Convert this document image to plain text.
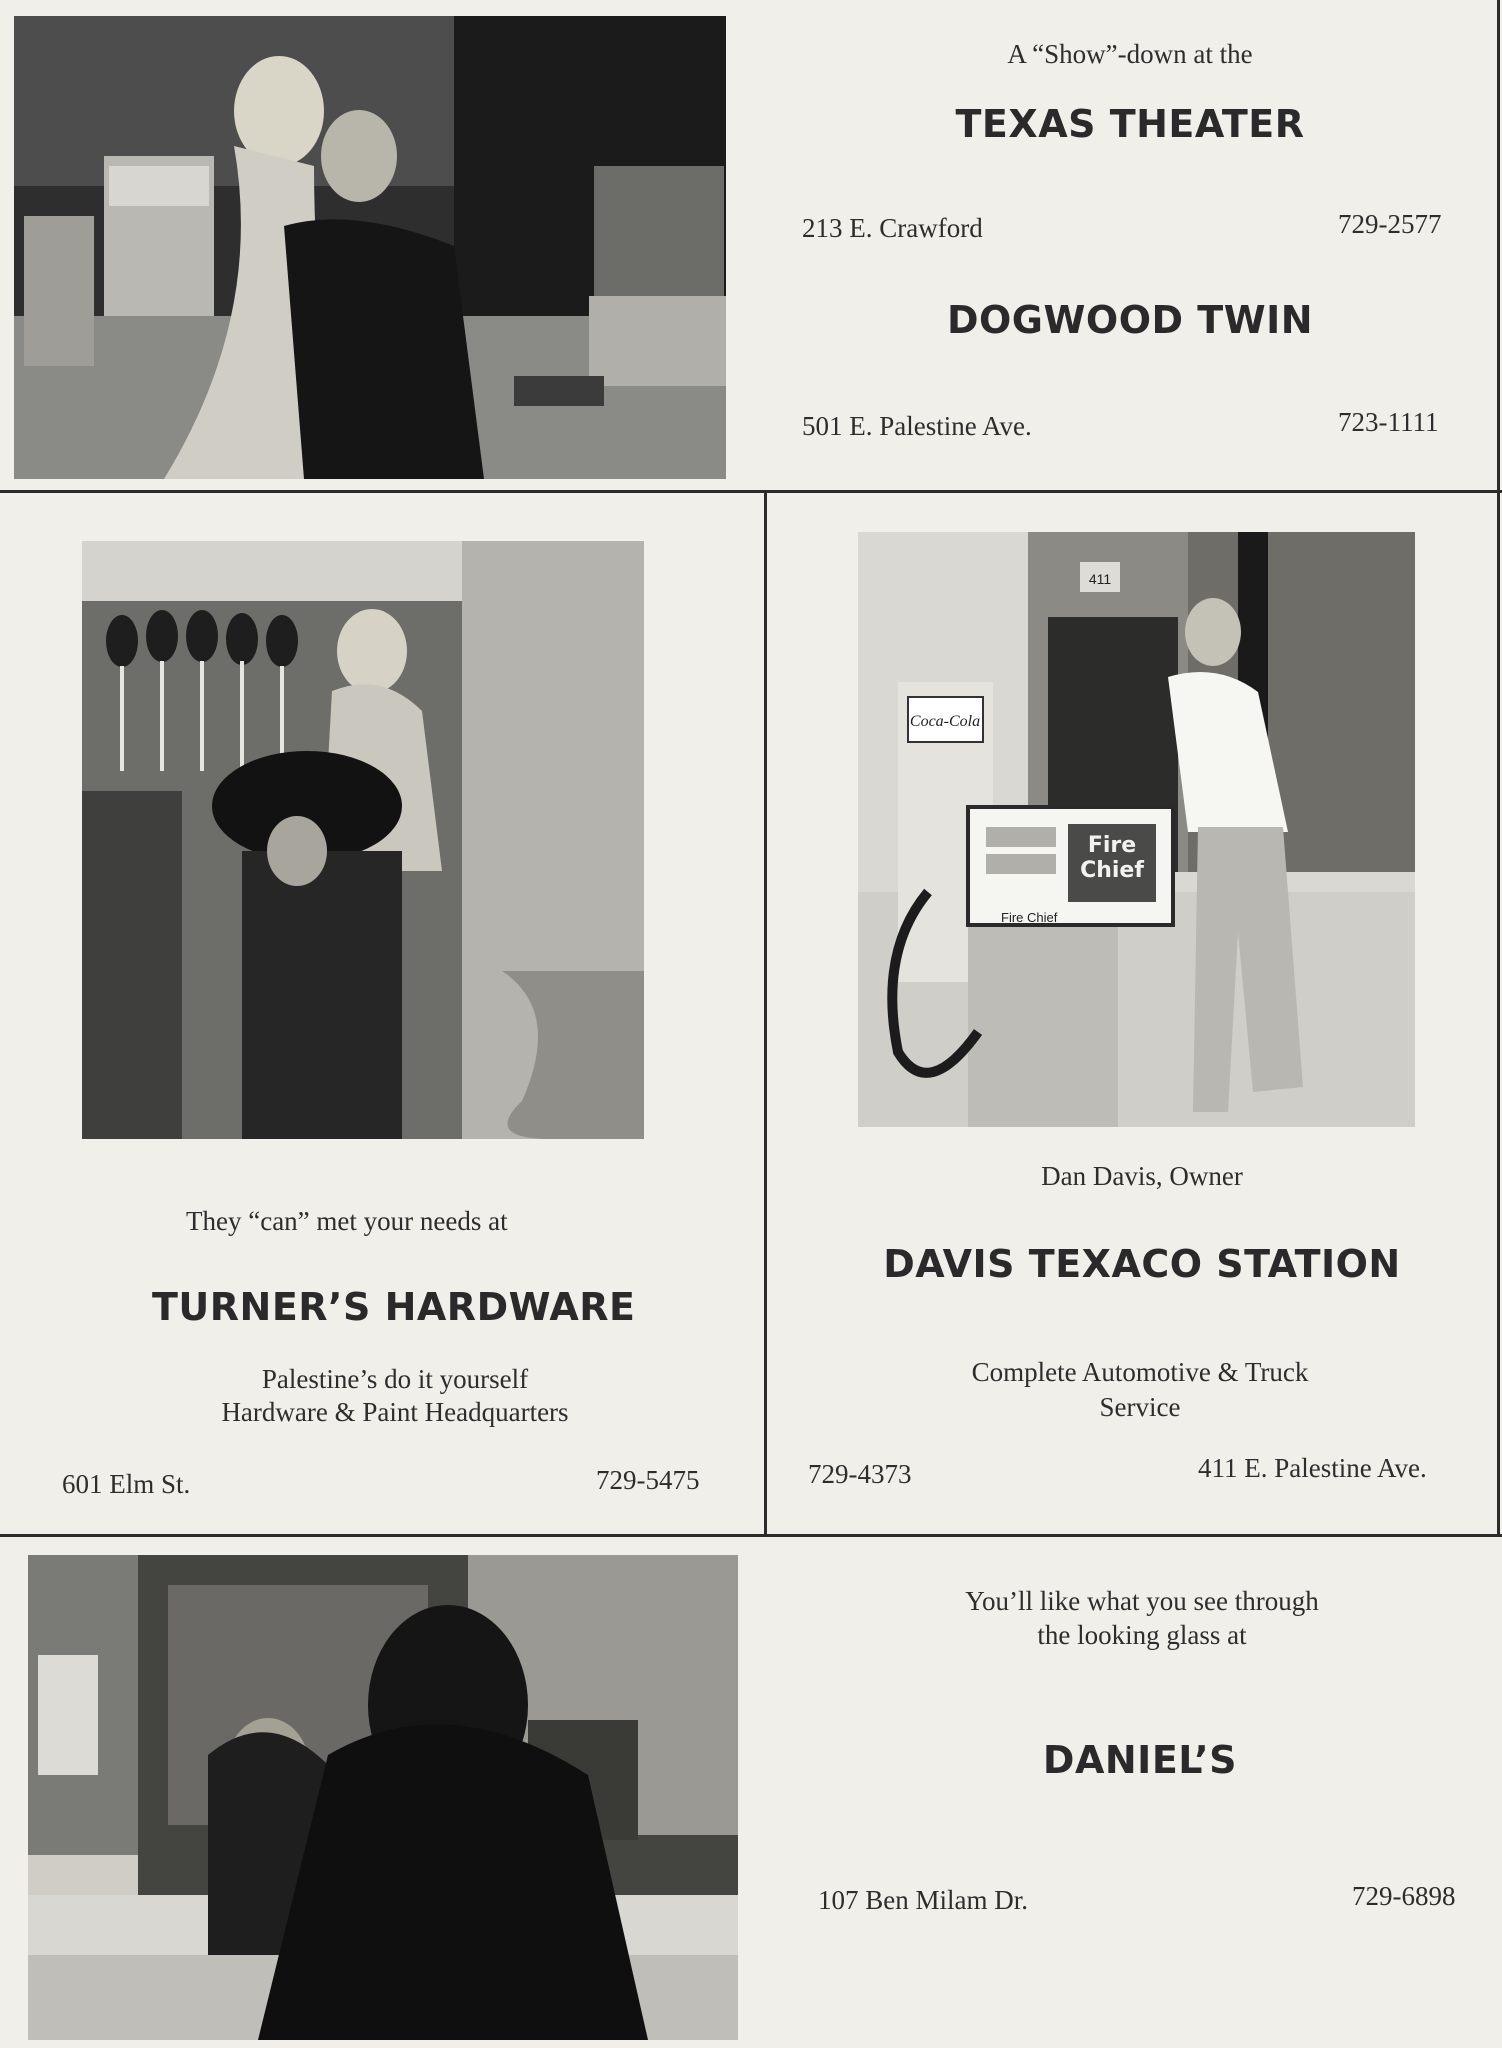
A “Show”-down at the
TEXAS THEATER
213 E. Crawford	729-2577
DOGWOOD TWIN
501 E. Palestine Ave.	723-1111
They “can” met your needs at
TURNER’S HARDWARE
Palestine’s do it yourself
Hardware & Paint Headquarters
601 Elm St.	729-5475
Coca-Cola
Fire
Chief
Fire Chief
411
Dan Davis, Owner
DAVIS TEXACO STATION
Complete Automotive & Truck
Service
729-4373	411 E. Palestine Ave.
You’ll like what you see through
the looking glass at
DANIEL’S
107 Ben Milam Dr.	729-6898
